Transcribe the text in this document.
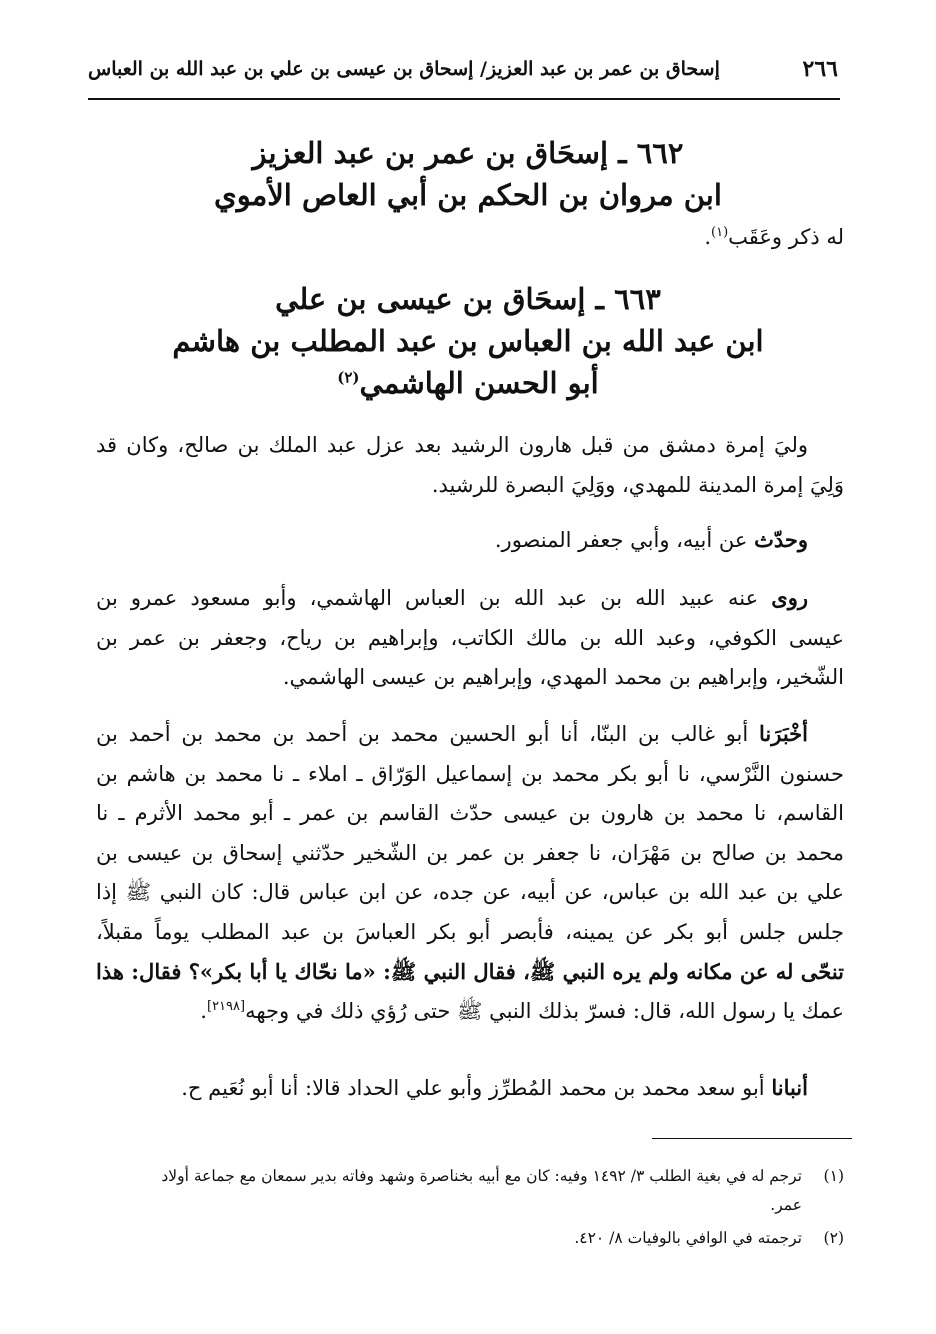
٢٦٦
إسحاق بن عمر بن عبد العزيز/ إسحاق بن عيسى بن علي بن عبد الله بن العباس
٦٦٢ ـ إسحَاق بن عمر بن عبد العزيز
ابن مروان بن الحكم بن أبي العاص الأموي
له ذكر وعَقَب$^{(١)}$.
٦٦٣ ـ إسحَاق بن عيسى بن علي
ابن عبد الله بن العباس بن عبد المطلب بن هاشم
أبو الحسن الهاشمي$^{(٢)}$
وليَ إمرة دمشق من قبل هارون الرشيد بعد عزل عبد الملك بن صالح، وكان قد
وَلِيَ إمرة المدينة للمهدي، ووَلِيَ البصرة للرشيد.
وحدّث عن أبيه، وأبي جعفر المنصور.
روى عنه عبيد الله بن عبد الله بن العباس الهاشمي، وأبو مسعود عمرو بن
عيسى الكوفي، وعبد الله بن مالك الكاتب، وإبراهيم بن رياح، وجعفر بن عمر بن
الشّخير، وإبراهيم بن محمد المهدي، وإبراهيم بن عيسى الهاشمي.
أخْبَرَنا أبو غالب بن البنّا، أنا أبو الحسين محمد بن أحمد بن محمد بن أحمد بن
حسنون النَّرْسي، نا أبو بكر محمد بن إسماعيل الوَرّاق ـ املاء ـ نا محمد بن هاشم بن
القاسم، نا محمد بن هارون بن عيسى حدّث القاسم بن عمر ـ أبو محمد الأثرم ـ نا
محمد بن صالح بن مَهْرَان، نا جعفر بن عمر بن الشّخير حدّثني إسحاق بن عيسى بن
علي بن عبد الله بن عباس، عن أبيه، عن جده، عن ابن عباس قال: كان النبي ﷺ إذا
جلس جلس أبو بكر عن يمينه، فأبصر أبو بكر العباسَ بن عبد المطلب يوماً مقبلاً،
تنحّى له عن مكانه ولم يره النبي ﷺ، فقال النبي ﷺ: «ما نحّاك يا أبا بكر»؟ فقال: هذا
عمك يا رسول الله، قال: فسرّ بذلك النبي ﷺ حتى رُؤي ذلك في وجهه[٢١٩٨].
أنبانا أبو سعد محمد بن محمد المُطرِّز وأبو علي الحداد قالا: أنا أبو نُعَيم ح.
(١)
ترجم له في بغية الطلب ٣/ ١٤٩٢ وفيه: كان مع أبيه بخناصرة وشهد وفاته بدير سمعان مع جماعة أولاد
عمر.
(٢)
ترجمته في الوافي بالوفيات ٨/ ٤٢٠.
